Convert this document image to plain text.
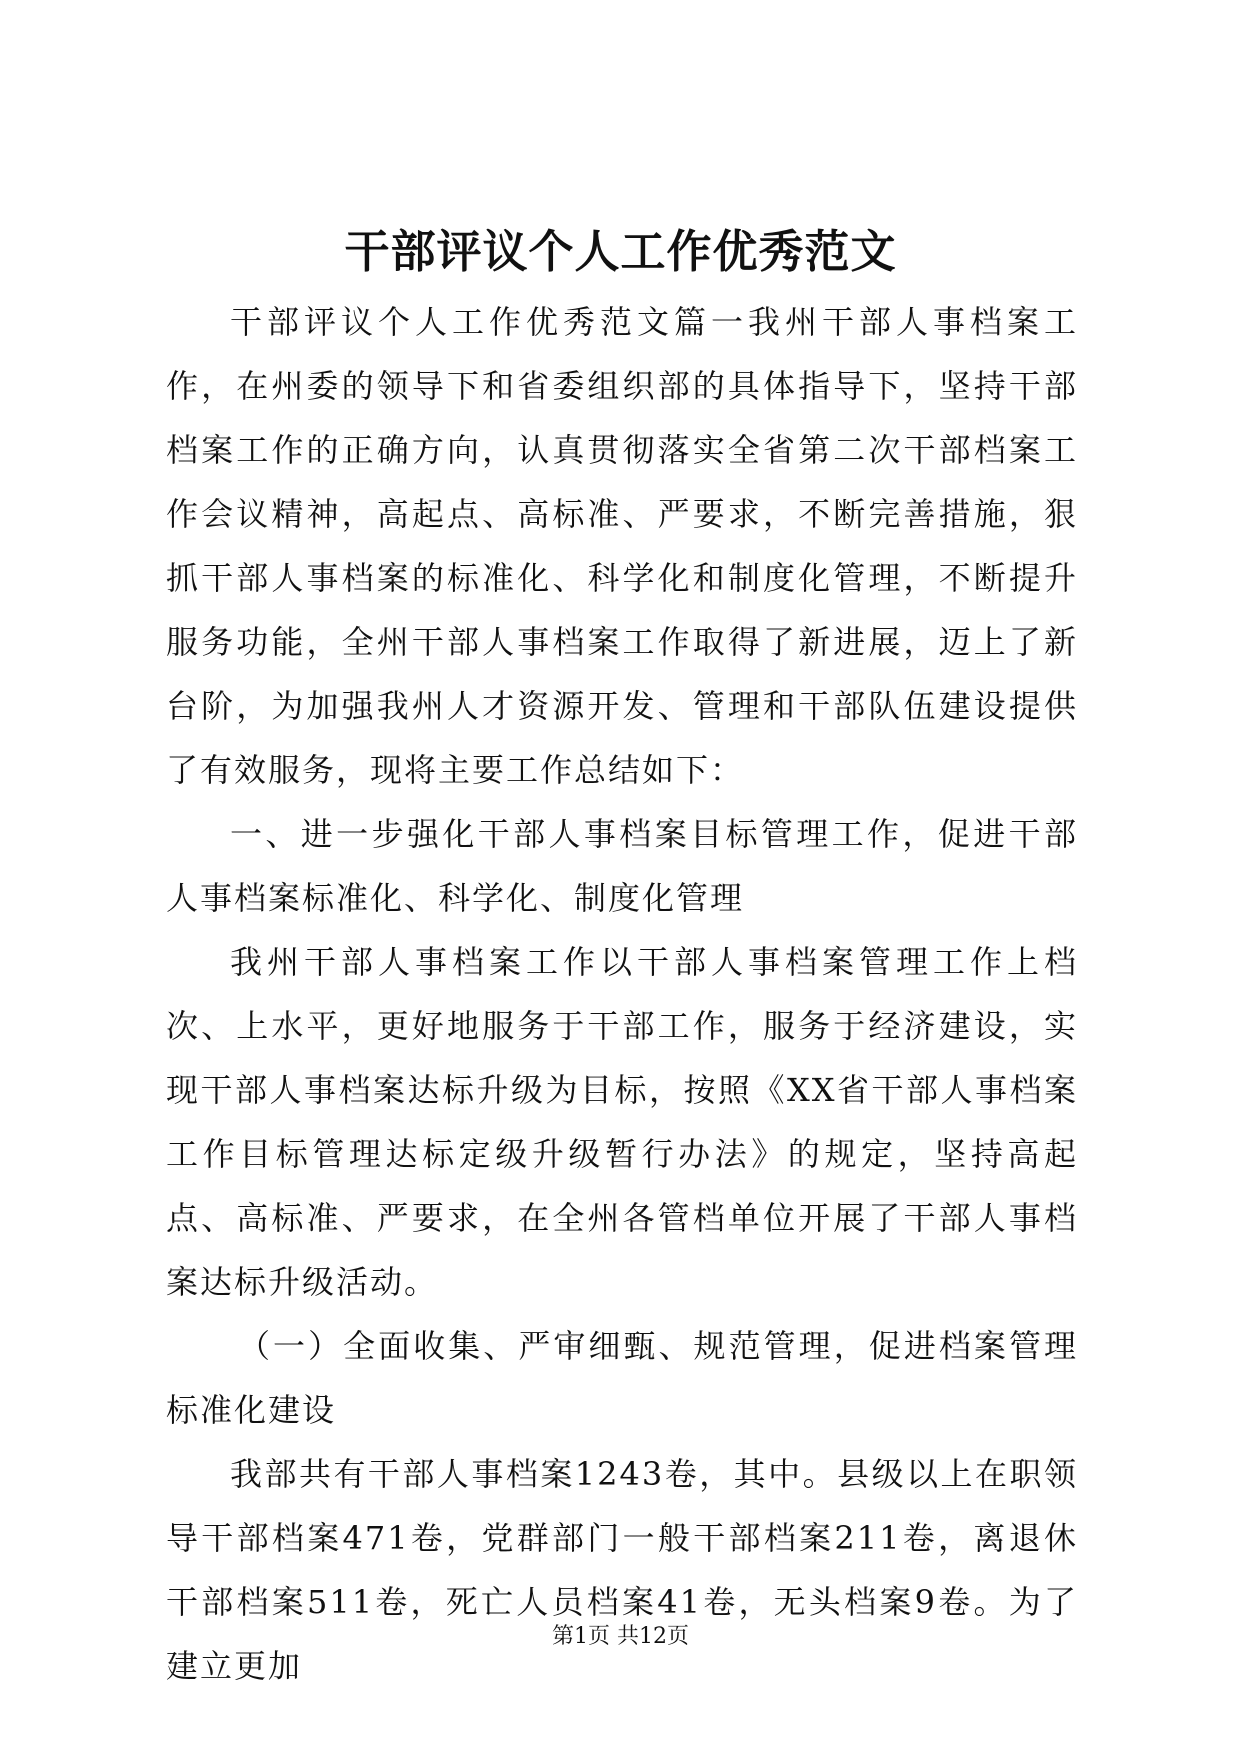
干部评议个人工作优秀范文

干部评议个人工作优秀范文篇一我州干部人事档案工作，在州委的领导下和省委组织部的具体指导下，坚持干部档案工作的正确方向，认真贯彻落实全省第二次干部档案工作会议精神，高起点、高标准、严要求，不断完善措施，狠抓干部人事档案的标准化、科学化和制度化管理，不断提升服务功能，全州干部人事档案工作取得了新进展，迈上了新台阶，为加强我州人才资源开发、管理和干部队伍建设提供了有效服务，现将主要工作总结如下：

一、进一步强化干部人事档案目标管理工作，促进干部人事档案标准化、科学化、制度化管理

我州干部人事档案工作以干部人事档案管理工作上档次、上水平，更好地服务于干部工作，服务于经济建设，实现干部人事档案达标升级为目标，按照《XX省干部人事档案工作目标管理达标定级升级暂行办法》的规定，坚持高起点、高标准、严要求，在全州各管档单位开展了干部人事档案达标升级活动。

（一）全面收集、严审细甄、规范管理，促进档案管理标准化建设

我部共有干部人事档案1243卷，其中。县级以上在职领导干部档案471卷，党群部门一般干部档案211卷，离退休干部档案511卷，死亡人员档案41卷，无头档案9卷。为了建立更加

第1页 共12页
